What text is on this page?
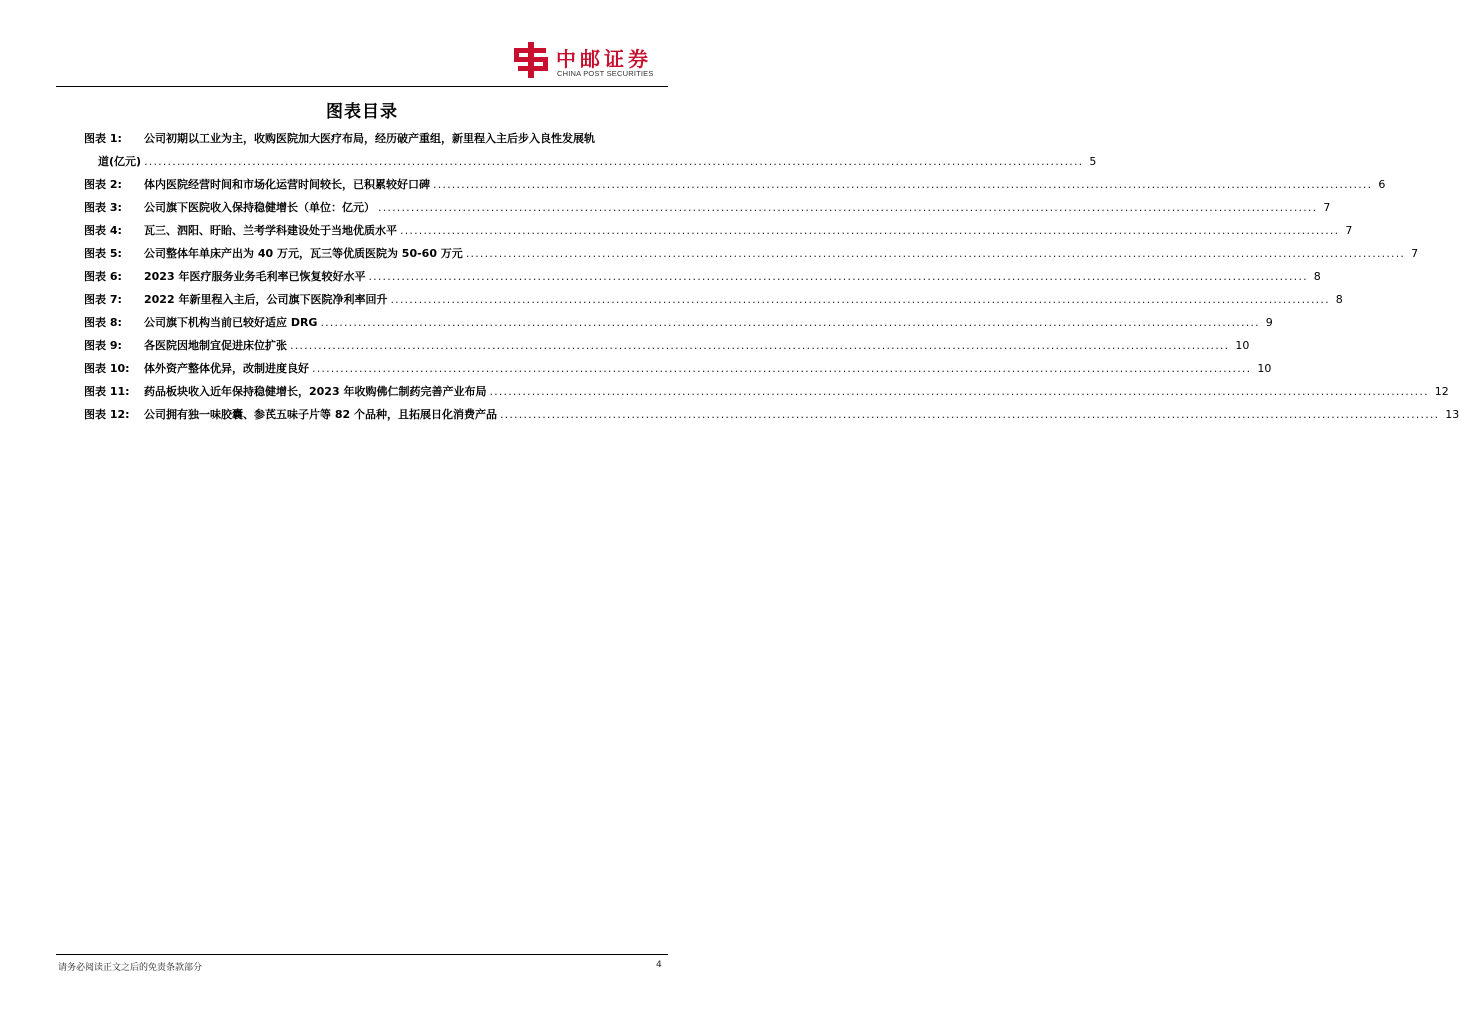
中邮证券
CHINA POST SECURITIES
图表目录
图表 1:	公司初期以工业为主，收购医院加大医疗布局，经历破产重组，新里程入主后步入良性发展轨
道(亿元) ........................................................................................................................................................................................................ 5
图表 2:	体内医院经营时间和市场化运营时间较长，已积累较好口碑 ........................................................................................................................................................................................................ 6
图表 3:	公司旗下医院收入保持稳健增长（单位：亿元） ........................................................................................................................................................................................................ 7
图表 4:	瓦三、泗阳、盱眙、兰考学科建设处于当地优质水平 ........................................................................................................................................................................................................ 7
图表 5:	公司整体年单床产出为 40 万元，瓦三等优质医院为 50-60 万元 ........................................................................................................................................................................................................ 7
图表 6:	2023 年医疗服务业务毛利率已恢复较好水平 ........................................................................................................................................................................................................ 8
图表 7:	2022 年新里程入主后，公司旗下医院净利率回升 ........................................................................................................................................................................................................ 8
图表 8:	公司旗下机构当前已较好适应 DRG ........................................................................................................................................................................................................ 9
图表 9:	各医院因地制宜促进床位扩张 ........................................................................................................................................................................................................ 10
图表 10:	体外资产整体优异，改制进度良好 ........................................................................................................................................................................................................ 10
图表 11:	药品板块收入近年保持稳健增长，2023 年收购佛仁制药完善产业布局 ........................................................................................................................................................................................................ 12
图表 12:	公司拥有独一味胶囊、参芪五味子片等 82 个品种，且拓展日化消费产品 ........................................................................................................................................................................................................ 13
请务必阅读正文之后的免责条款部分	4
